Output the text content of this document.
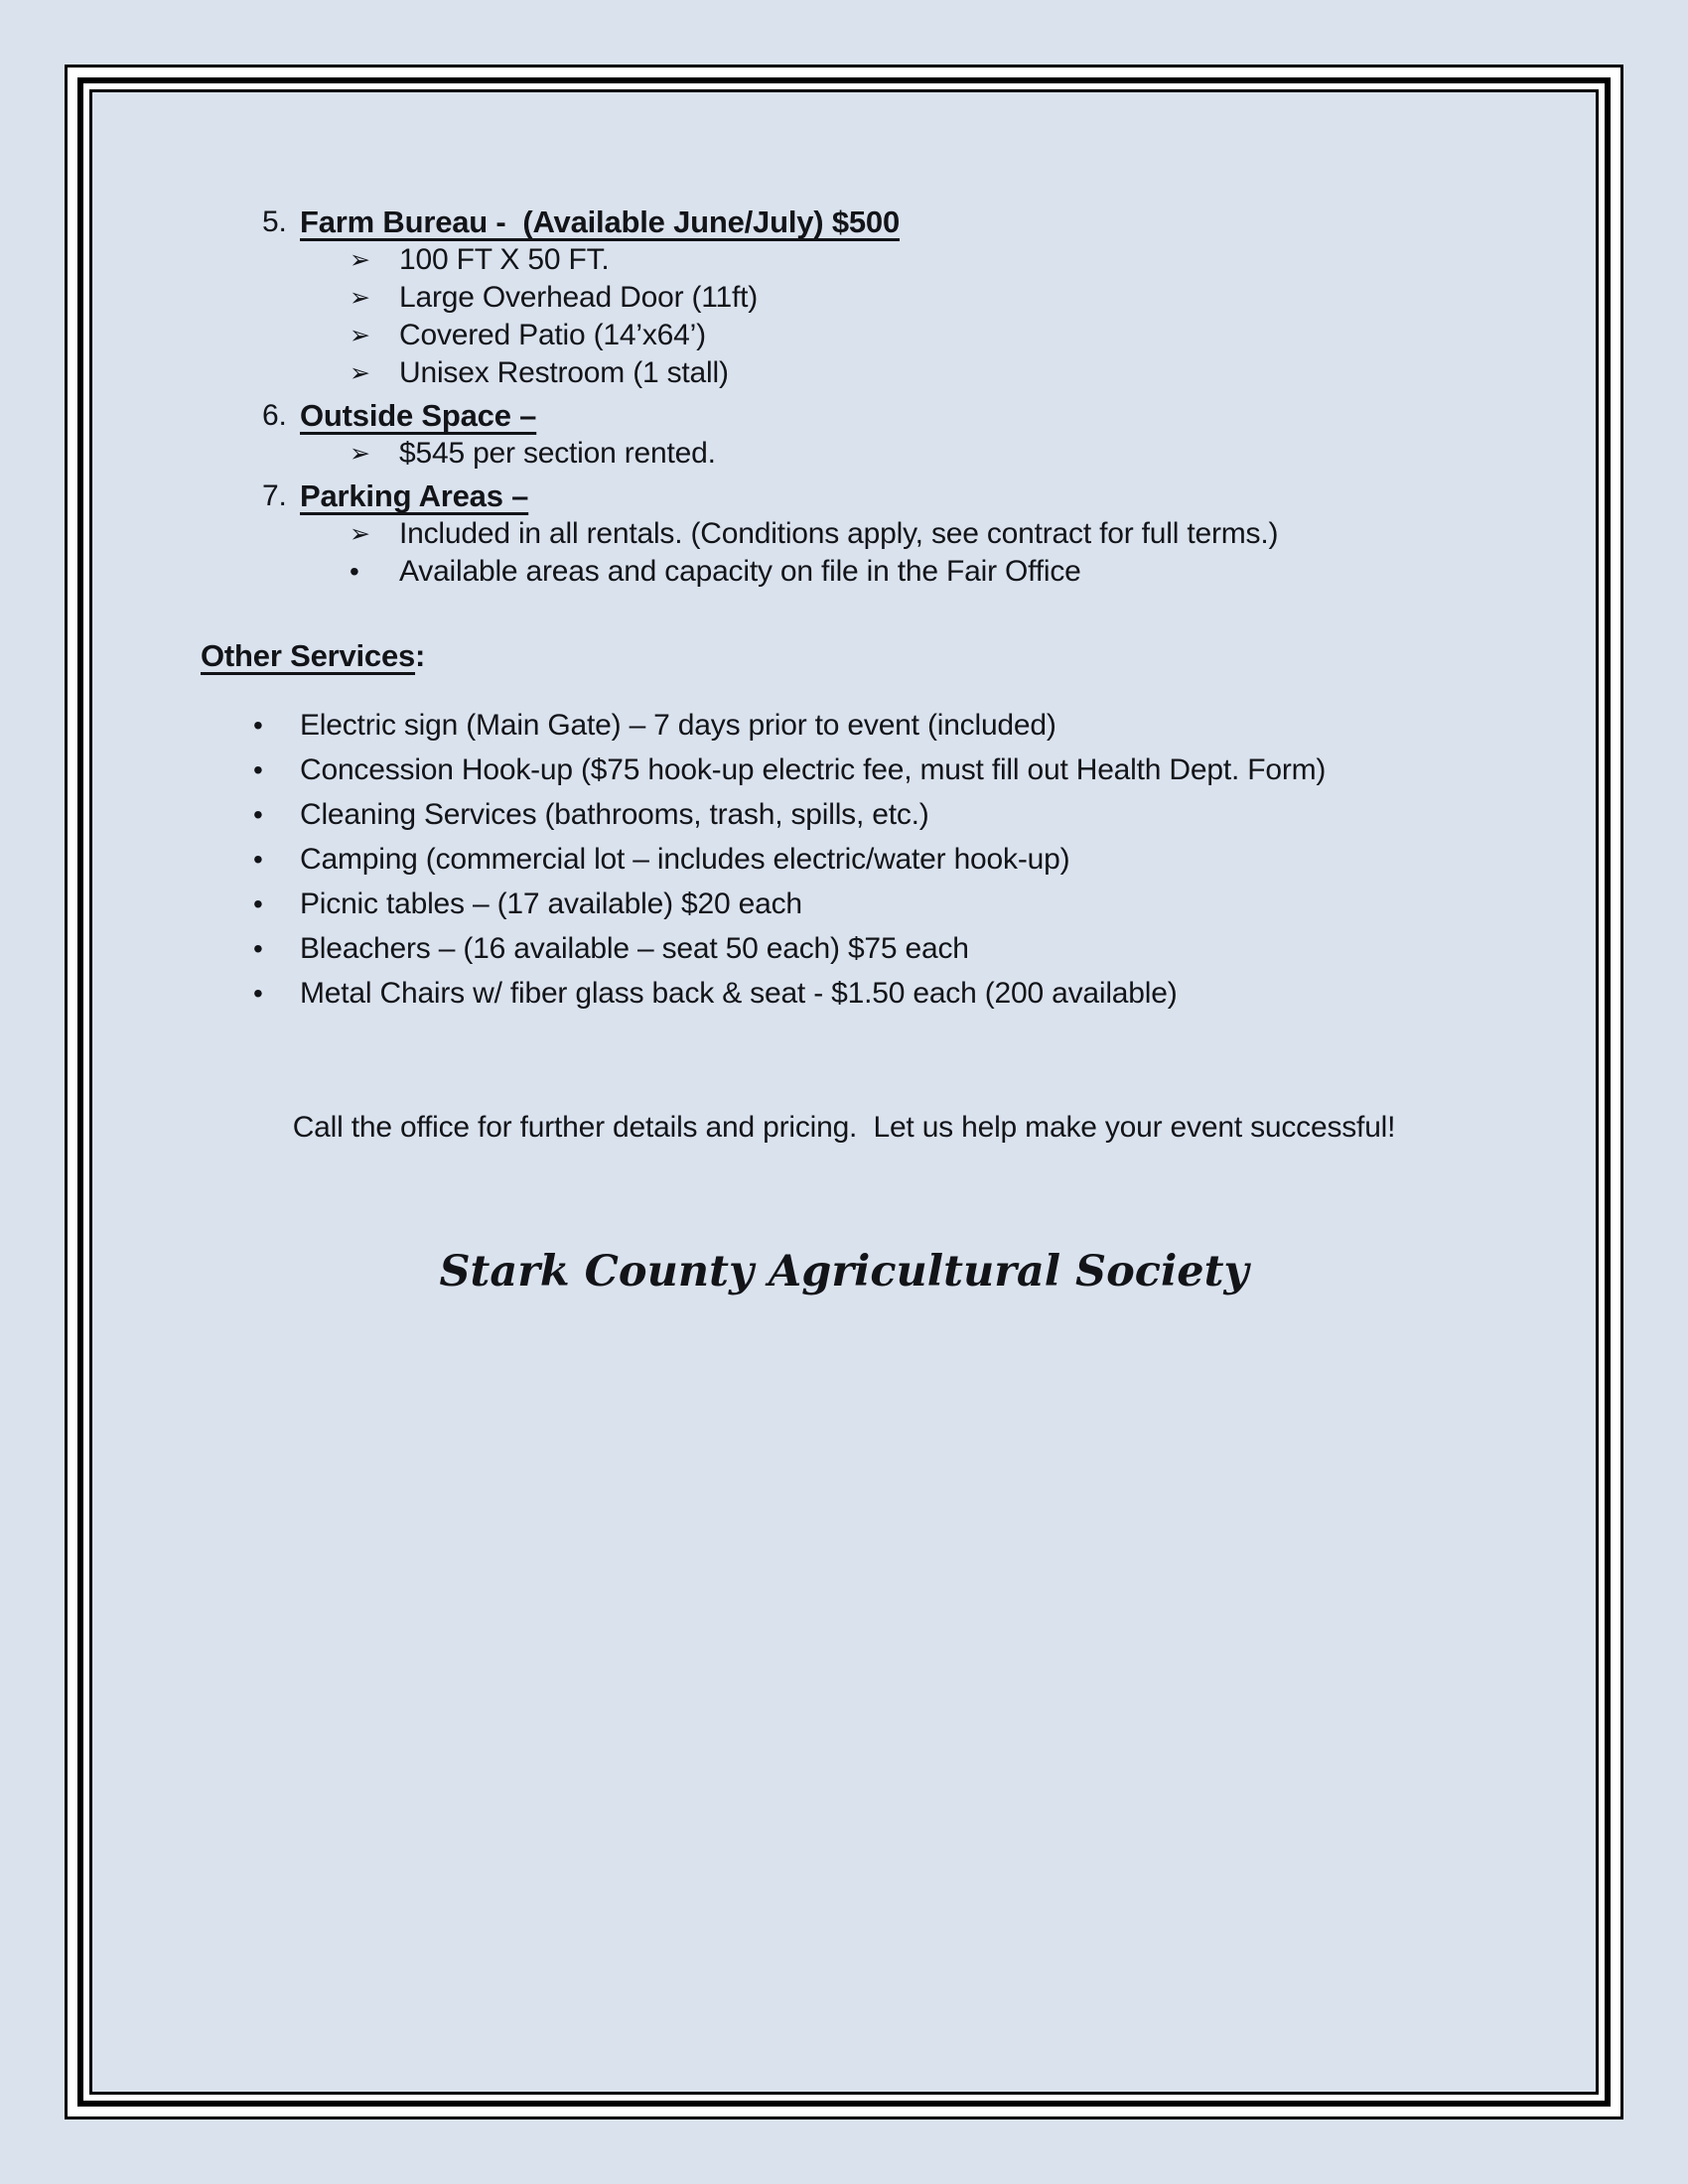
5. Farm Bureau -  (Available June/July) $500
➢ 100 FT X 50 FT.
➢ Large Overhead Door (11ft)
➢ Covered Patio (14’x64’)
➢ Unisex Restroom (1 stall)
6. Outside Space –
➢ $545 per section rented.
7. Parking Areas –
➢ Included in all rentals. (Conditions apply, see contract for full terms.)
•	Available areas and capacity on file in the Fair Office
Other Services:
•	Electric sign (Main Gate) – 7 days prior to event (included)
•	Concession Hook-up ($75 hook-up electric fee, must fill out Health Dept. Form)
•	Cleaning Services (bathrooms, trash, spills, etc.)
•	Camping (commercial lot – includes electric/water hook-up)
•	Picnic tables – (17 available) $20 each
•	Bleachers – (16 available – seat 50 each) $75 each
•	Metal Chairs w/ fiber glass back & seat - $1.50 each (200 available)
Call the office for further details and pricing.  Let us help make your event successful!
Stark County Agricultural Society
